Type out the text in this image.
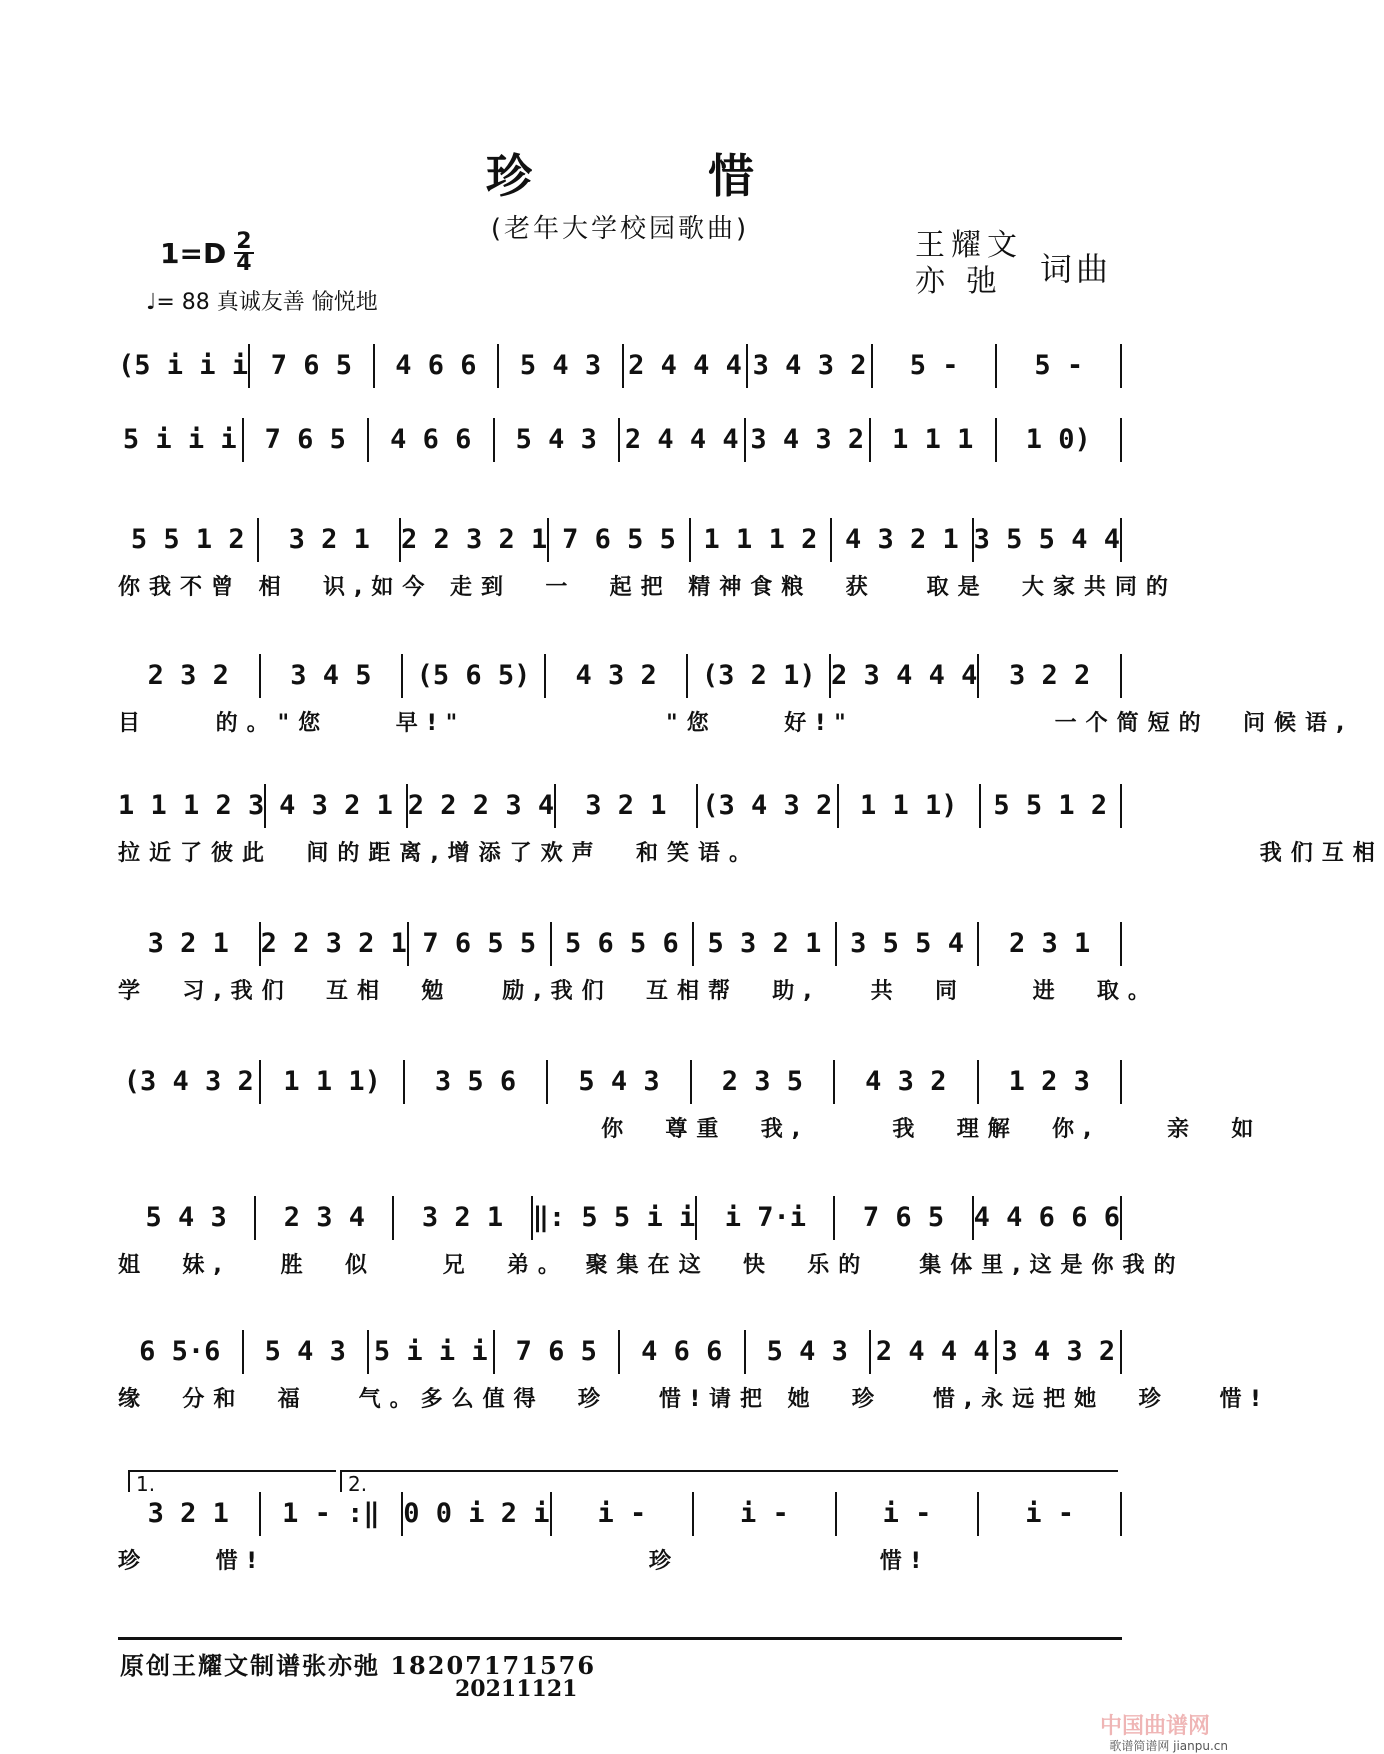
珍 惜
(老年大学校园歌曲)
$1=D \frac{2}{4}$
♩= 88 真诚友善 愉悦地
王耀文
亦 弛	词曲
(5 i i i 7 6 5	4 6 6	5 4 3	2 4 4 4 3 4 3 2	5 -	5 -
5 i i i	7 6 5	4 6 6	5 4 3	2 4 4 4 3 4 3 2	1 1 1	1 0)
5 5 1 2	3 2 1	2 2 3 2 1 7 6 5 5	1 1 1 2	4 3 2 1 3 5 5 4 4
你我不曾 相  识,如今 走到  一  起把 精神食粮  获   取是  大家共同的
2 3 2	3 4 5	(5 6 5)	4 3 2	(3 2 1) 2 3 4 4 4	3 2 2
目    的。"您    早!"            "您    好!"            一个简短的  问候语,
1 1 1 2 3 4 3 2 1 2 2 2 3 4	3 2 1	(3 4 3 2	1 1 1)	5 5 1 2
拉近了彼此  间的距离,增添了欢声  和笑语。                              我们互相
3 2 1	2 2 3 2 1 7 6 5 5	5 6 5 6	5 3 2 1	3 5 5 4	2 3 1
学  习,我们  互相  勉   励,我们  互相帮  助,   共  同    进  取。
(3 4 3 2	1 1 1)	3 5 6	5 4 3	2 3 5	4 3 2	1 2 3
你  尊重  我,     我  理解  你,    亲  如
5 4 3	2 3 4	3 2 1	‖: 5 5 i i	i 7·i	7 6 5	4 4 6 6 6
姐  妹,   胜  似    兄  弟。 聚集在这  快  乐的   集体里,这是你我的
6 5·6	5 4 3	5 i i i	7 6 5	4 6 6	5 4 3	2 4 4 4 3 4 3 2
缘  分和  福   气。多么值得  珍   惜!请把 她  珍   惜,永远把她  珍   惜!
1.	2.
3 2 1	1 - :‖ 0 0 i 2 i	i -	i -	i -	i -
珍    惜!                       珍            惜!
原创王耀文制谱张亦弛 18207171576
20211121
中国曲谱网
歌谱简谱网 jianpu.cn
